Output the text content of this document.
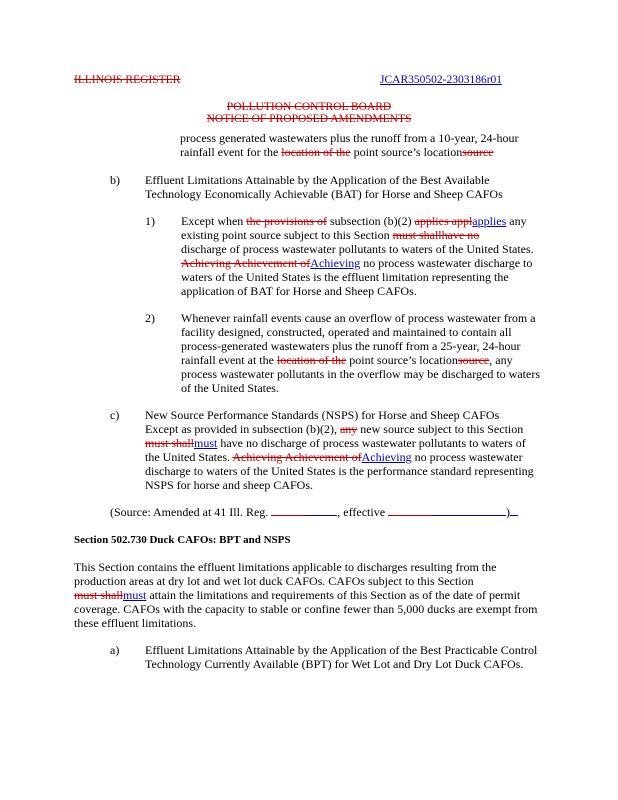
ILLINOIS REGISTER	JCAR350502-2303186r01
POLLUTION CONTROL BOARD
NOTICE OF PROPOSED AMENDMENTS
process generated wastewaters plus the runoff from a 10-year, 24-hour
rainfall event for the location of the point source’s locationsource
b) Effluent Limitations Attainable by the Application of the Best Available
Technology Economically Achievable (BAT) for Horse and Sheep CAFOs
1) Except when the provisions of subsection (b)(2) applies applapplies any
existing point source subject to this Section must shallhave no
discharge of process wastewater pollutants to waters of the United States.
Achieving Achievement ofAchieving no process wastewater discharge to
waters of the United States is the effluent limitation representing the
application of BAT for Horse and Sheep CAFOs.
2) Whenever rainfall events cause an overflow of process wastewater from a
facility designed, constructed, operated and maintained to contain all
process-generated wastewaters plus the runoff from a 25-year, 24-hour
rainfall event at the location of the point source’s locationsource, any
process wastewater pollutants in the overflow may be discharged to waters
of the United States.
c) New Source Performance Standards (NSPS) for Horse and Sheep CAFOs
Except as provided in subsection (b)(2), any new source subject to this Section
must shallmust have no discharge of process wastewater pollutants to waters of
the United States. Achieving Achievement ofAchieving no process wastewater
discharge to waters of the United States is the performance standard representing
NSPS for horse and sheep CAFOs.
(Source: Amended at 41 Ill. Reg.	, effective	)
Section 502.730 Duck CAFOs: BPT and NSPS
This Section contains the effluent limitations applicable to discharges resulting from the
production areas at dry lot and wet lot duck CAFOs. CAFOs subject to this Section
must shallmust attain the limitations and requirements of this Section as of the date of permit
coverage. CAFOs with the capacity to stable or confine fewer than 5,000 ducks are exempt from
these effluent limitations.
a) Effluent Limitations Attainable by the Application of the Best Practicable Control
Technology Currently Available (BPT) for Wet Lot and Dry Lot Duck CAFOs.
